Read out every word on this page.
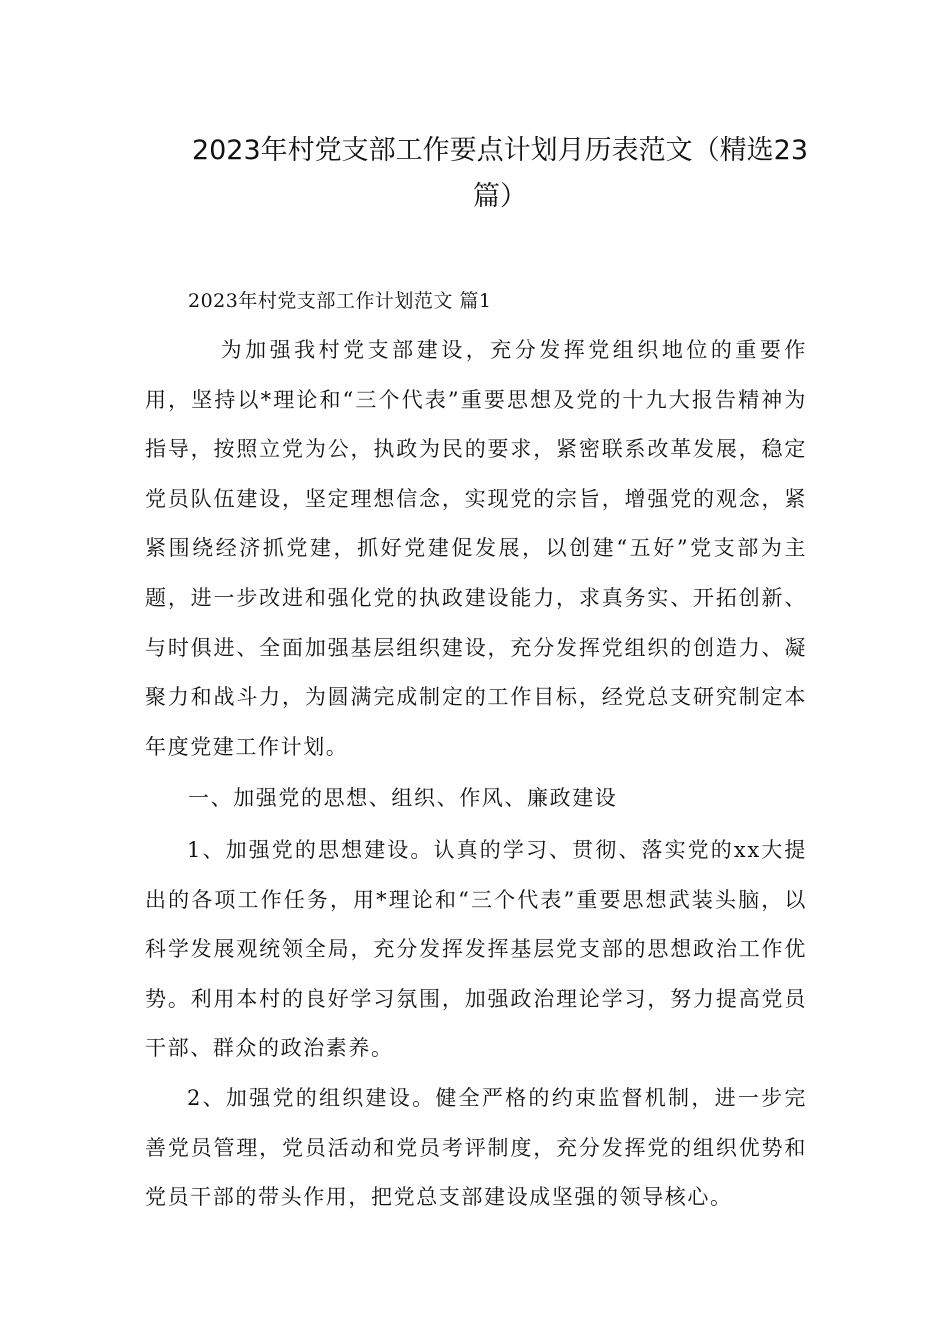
2023年村党支部工作要点计划月历表范文（精选23
篇）
2023年村党支部工作计划范文 篇1

为加强我村党支部建设，充分发挥党组织地位的重要作用，坚持以*理论和“三个代表”重要思想及党的十九大报告精神为指导，按照立党为公，执政为民的要求，紧密联系改革发展，稳定党员队伍建设，坚定理想信念，实现党的宗旨，增强党的观念，紧紧围绕经济抓党建，抓好党建促发展，以创建“五好”党支部为主题，进一步改进和强化党的执政建设能力，求真务实、开拓创新、与时俱进、全面加强基层组织建设，充分发挥党组织的创造力、凝聚力和战斗力，为圆满完成制定的工作目标，经党总支研究制定本年度党建工作计划。

一、加强党的思想、组织、作风、廉政建设

1、加强党的思想建设。认真的学习、贯彻、落实党的xx大提出的各项工作任务，用*理论和“三个代表”重要思想武装头脑，以科学发展观统领全局，充分发挥发挥基层党支部的思想政治工作优势。利用本村的良好学习氛围，加强政治理论学习，努力提高党员干部、群众的政治素养。

2、加强党的组织建设。健全严格的约束监督机制，进一步完善党员管理，党员活动和党员考评制度，充分发挥党的组织优势和党员干部的带头作用，把党总支部建设成坚强的领导核心。
